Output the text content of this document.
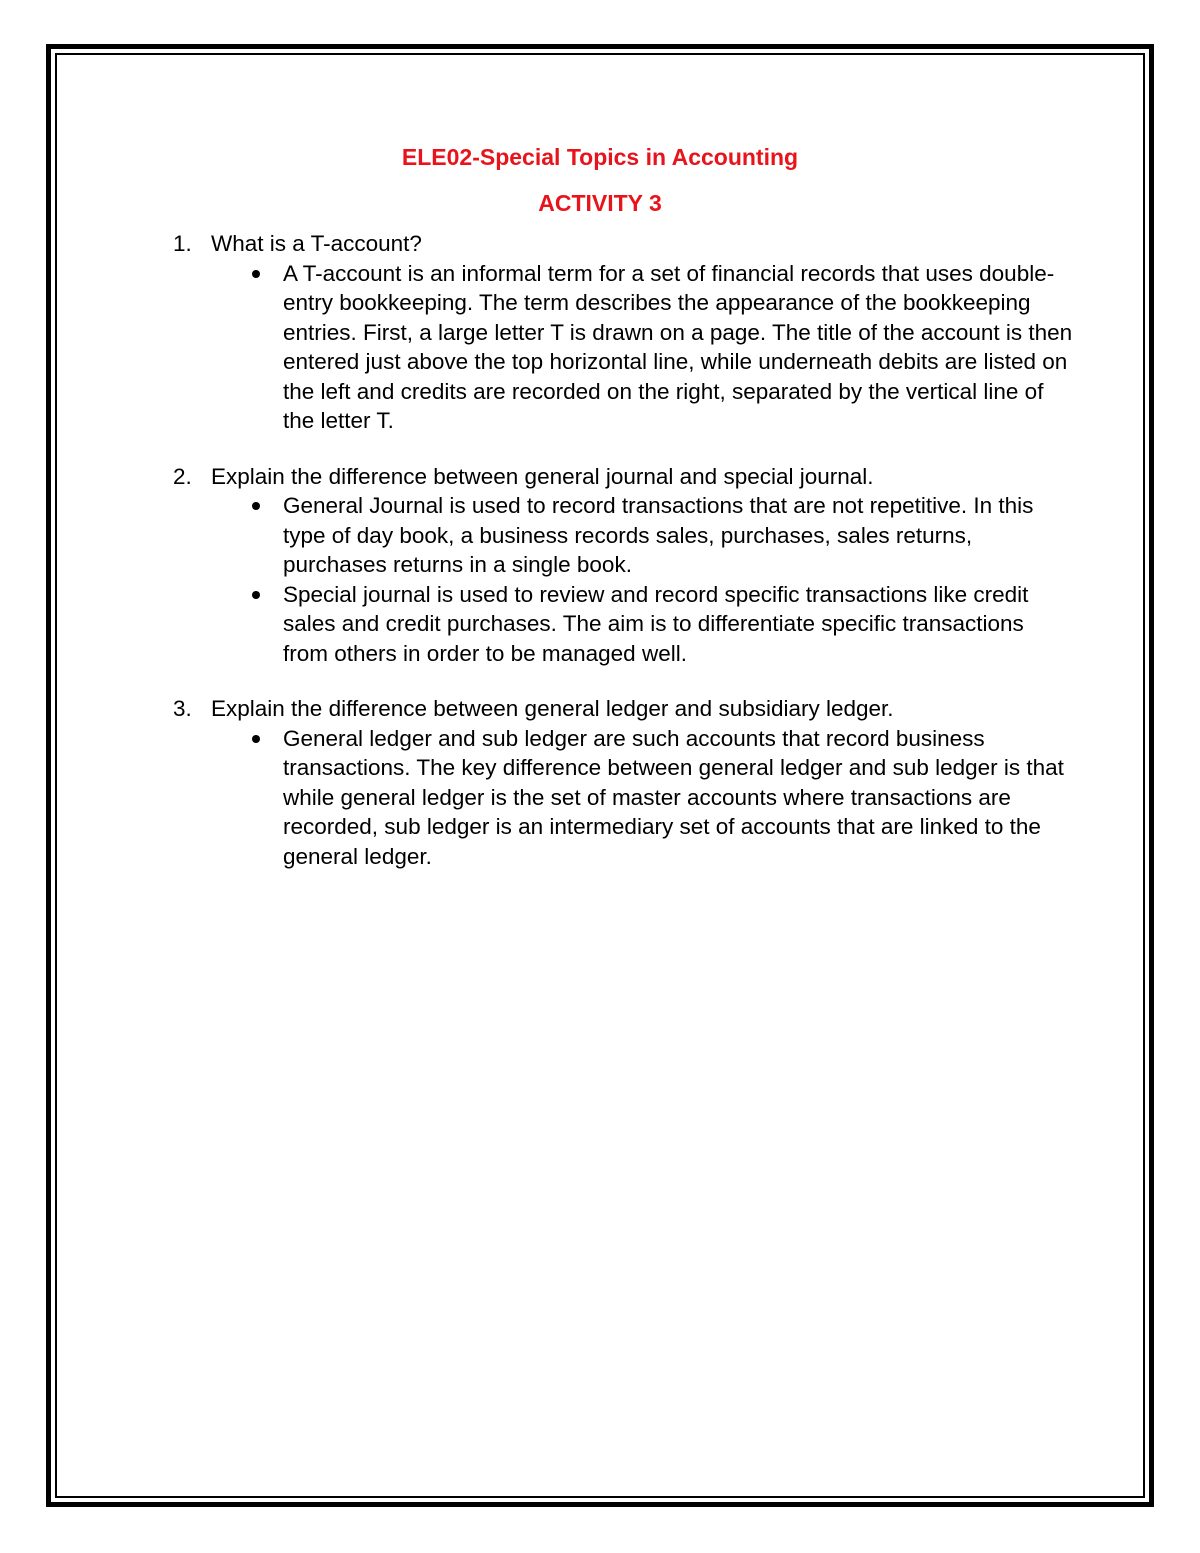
ELE02-Special Topics in Accounting
ACTIVITY 3
1. What is a T-account?
A T-account is an informal term for a set of financial records that uses double-entry bookkeeping. The term describes the appearance of the bookkeeping entries. First, a large letter T is drawn on a page. The title of the account is then entered just above the top horizontal line, while underneath debits are listed on the left and credits are recorded on the right, separated by the vertical line of the letter T.
2. Explain the difference between general journal and special journal.
General Journal is used to record transactions that are not repetitive. In this type of day book, a business records sales, purchases, sales returns, purchases returns in a single book.
Special journal is used to review and record specific transactions like credit sales and credit purchases. The aim is to differentiate specific transactions from others in order to be managed well.
3. Explain the difference between general ledger and subsidiary ledger.
General ledger and sub ledger are such accounts that record business transactions. The key difference between general ledger and sub ledger is that while general ledger is the set of master accounts where transactions are recorded, sub ledger is an intermediary set of accounts that are linked to the general ledger.
